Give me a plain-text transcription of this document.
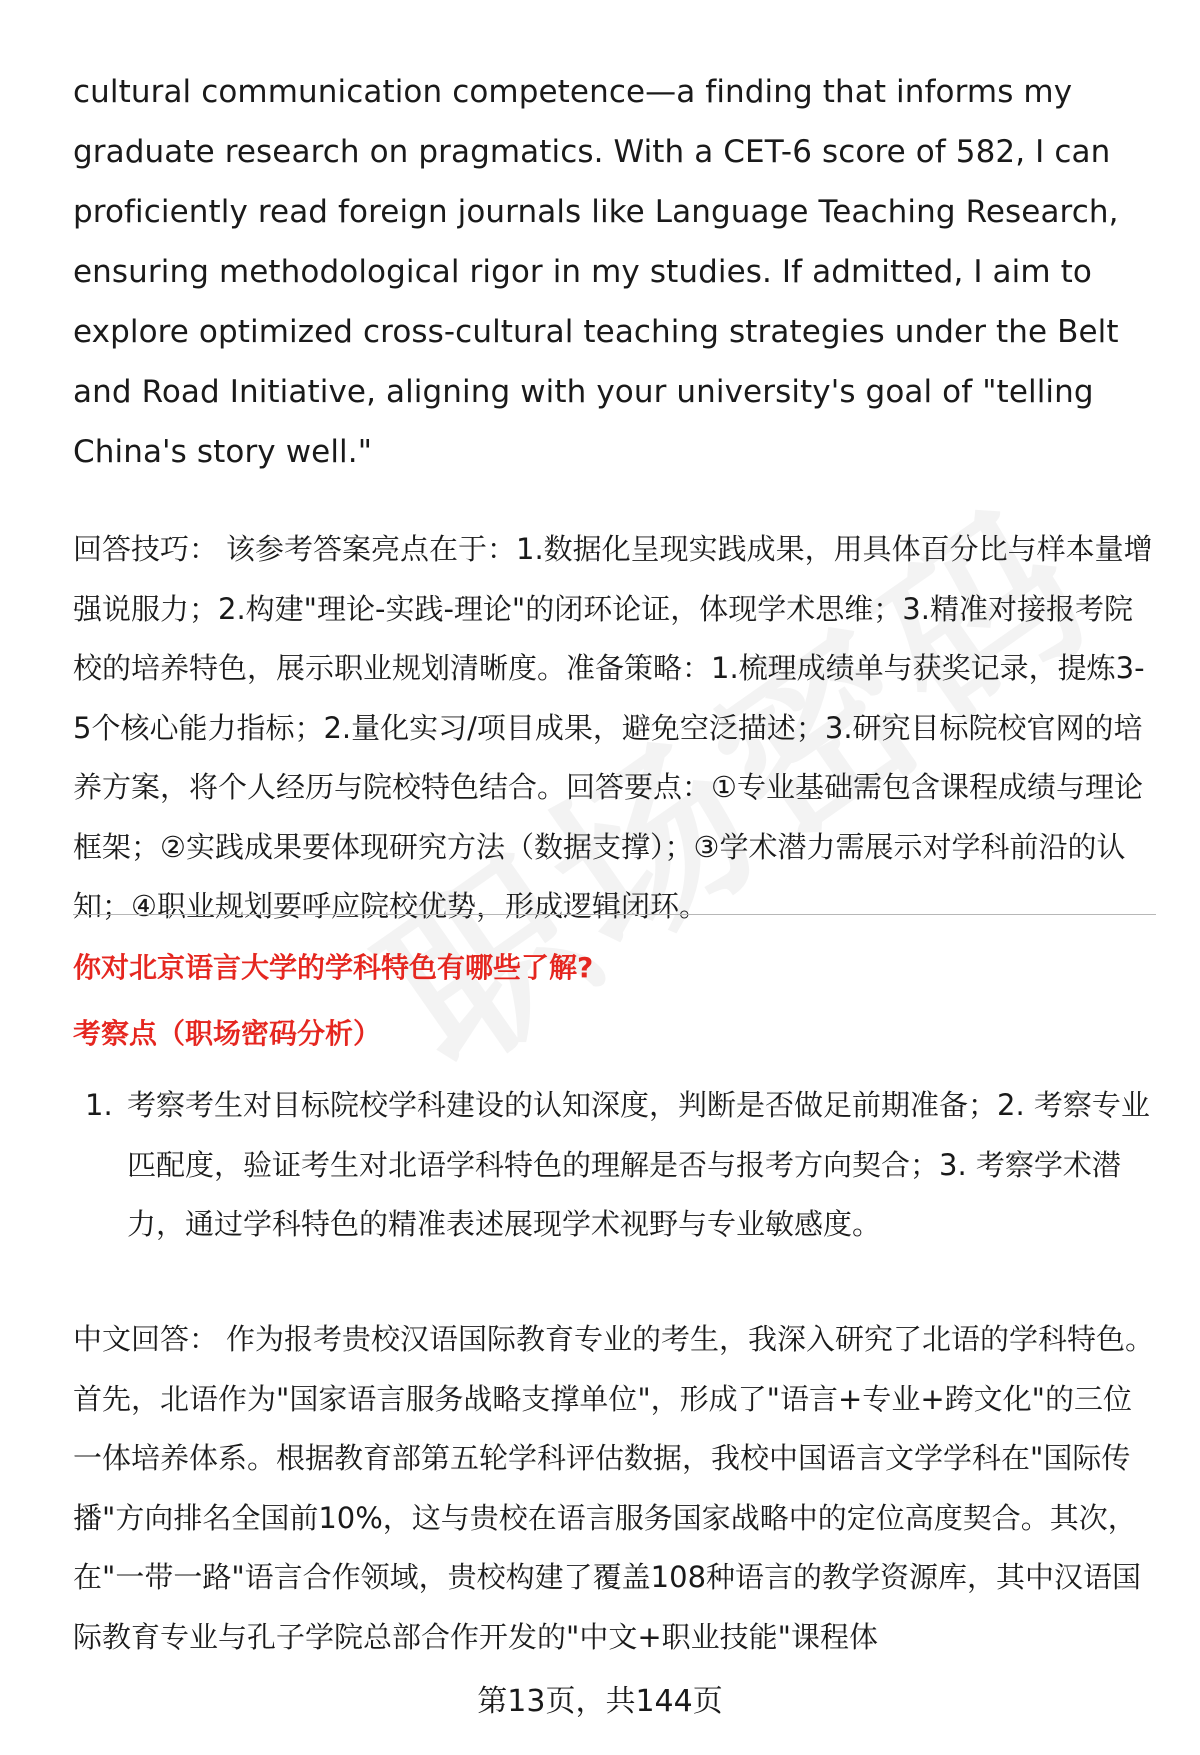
cultural communication competence—a finding that informs my graduate research on pragmatics. With a CET-6 score of 582, I can proficiently read foreign journals like Language Teaching Research, ensuring methodological rigor in my studies. If admitted, I aim to explore optimized cross-cultural teaching strategies under the Belt and Road Initiative, aligning with your university's goal of "telling China's story well."

回答技巧： 该参考答案亮点在于：1.数据化呈现实践成果，用具体百分比与样本量增强说服力；2.构建"理论-实践-理论"的闭环论证，体现学术思维；3.精准对接报考院校的培养特色，展示职业规划清晰度。准备策略：1.梳理成绩单与获奖记录，提炼3-5个核心能力指标；2.量化实习/项目成果，避免空泛描述；3.研究目标院校官网的培养方案，将个人经历与院校特色结合。回答要点：①专业基础需包含课程成绩与理论框架；②实践成果要体现研究方法（数据支撑）；③学术潜力需展示对学科前沿的认知；④职业规划要呼应院校优势，形成逻辑闭环。

你对北京语言大学的学科特色有哪些了解?
考察点（职场密码分析）
1. 考察考生对目标院校学科建设的认知深度，判断是否做足前期准备；2. 考察专业匹配度，验证考生对北语学科特色的理解是否与报考方向契合；3. 考察学术潜力，通过学科特色的精准表述展现学术视野与专业敏感度。

中文回答： 作为报考贵校汉语国际教育专业的考生，我深入研究了北语的学科特色。首先，北语作为"国家语言服务战略支撑单位"，形成了"语言+专业+跨文化"的三位一体培养体系。根据教育部第五轮学科评估数据，我校中国语言文学学科在"国际传播"方向排名全国前10%，这与贵校在语言服务国家战略中的定位高度契合。其次，在"一带一路"语言合作领域，贵校构建了覆盖108种语言的教学资源库，其中汉语国际教育专业与孔子学院总部合作开发的"中文+职业技能"课程体

第13页，共144页
